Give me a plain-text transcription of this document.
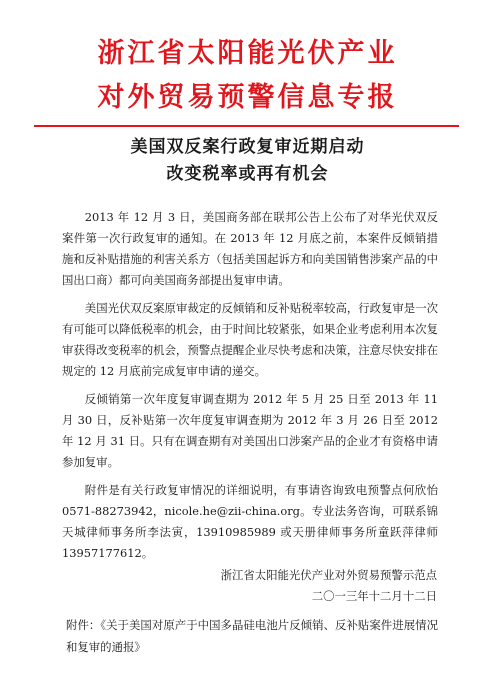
浙江省太阳能光伏产业
对外贸易预警信息专报
美国双反案行政复审近期启动
改变税率或再有机会

2013 年 12 月 3 日，美国商务部在联邦公告上公布了对华光伏双反案件第一次行政复审的通知。在 2013 年 12 月底之前，本案件反倾销措施和反补贴措施的利害关系方（包括美国起诉方和向美国销售涉案产品的中国出口商）都可向美国商务部提出复审申请。

美国光伏双反案原审裁定的反倾销和反补贴税率较高，行政复审是一次有可能可以降低税率的机会，由于时间比较紧张，如果企业考虑利用本次复审获得改变税率的机会，预警点提醒企业尽快考虑和决策，注意尽快安排在规定的 12 月底前完成复审申请的递交。

反倾销第一次年度复审调查期为 2012 年 5 月 25 日至 2013 年 11 月 30 日，反补贴第一次年度复审调查期为 2012 年 3 月 26 日至 2012 年 12 月 31 日。只有在调查期有对美国出口涉案产品的企业才有资格申请参加复审。

附件是有关行政复审情况的详细说明，有事请咨询致电预警点何欣怡 0571-88273942，nicole.he@zii-china.org。专业法务咨询，可联系锦天城律师事务所李法寅，13910985989 或天册律师事务所童跃萍律师 13957177612。

浙江省太阳能光伏产业对外贸易预警示范点
二〇一三年十二月十二日
附件：《关于美国对原产于中国多晶硅电池片反倾销、反补贴案件进展情况和复审的通报》
